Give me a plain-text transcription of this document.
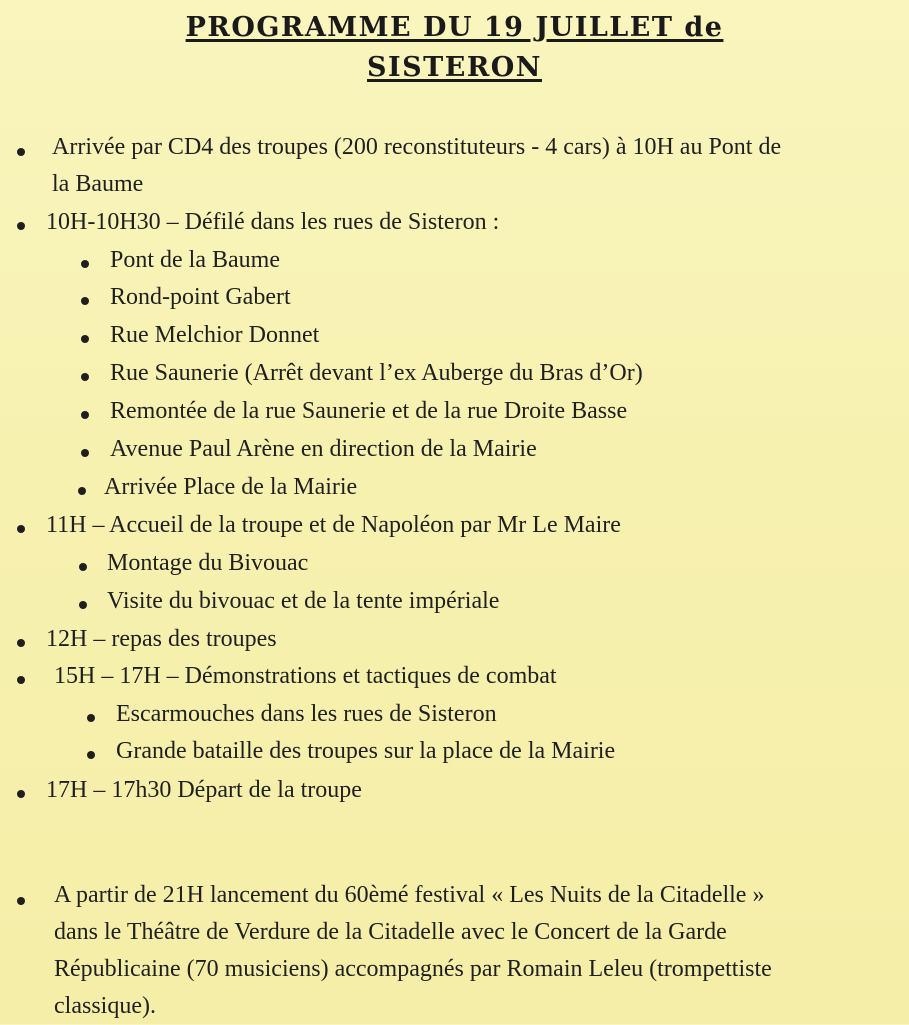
PROGRAMME DU 19 JUILLET de
SISTERON
Arrivée par CD4 des troupes (200 reconstituteurs - 4 cars) à 10H au Pont de
la Baume
10H-10H30 – Défilé dans les rues de Sisteron :
Pont de la Baume
Rond-point Gabert
Rue Melchior Donnet
Rue Saunerie (Arrêt devant l’ex Auberge du Bras d’Or)
Remontée de la rue Saunerie et de la rue Droite Basse
Avenue Paul Arène en direction de la Mairie
Arrivée Place de la Mairie
11H – Accueil de la troupe et de Napoléon par Mr Le Maire
Montage du Bivouac
Visite du bivouac et de la tente impériale
12H – repas des troupes
15H – 17H – Démonstrations et tactiques de combat
Escarmouches dans les rues de Sisteron
Grande bataille des troupes sur la place de la Mairie
17H – 17h30 Départ de la troupe
A partir de 21H lancement du 60èmé festival « Les Nuits de la Citadelle »
dans le Théâtre de Verdure de la Citadelle avec le Concert de la Garde
Républicaine (70 musiciens) accompagnés par Romain Leleu (trompettiste
classique).
